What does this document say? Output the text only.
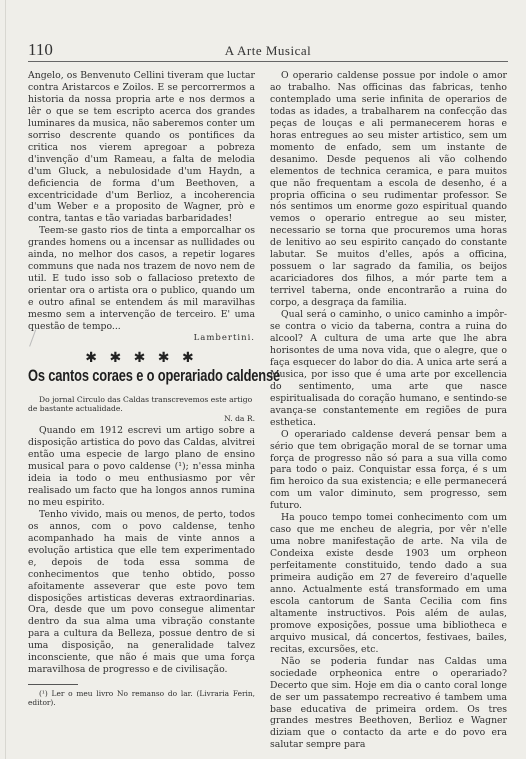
110	A Arte Musical

Angelo, os Benvenuto Cellini tiveram que luctar contra Aristarcos e Zoilos. E se percorrermos a historia da nossa propria arte e nos dermos a lêr o que se tem escripto acerca dos grandes luminares da musica, não saberemos conter um sorriso descrente quando os pontifices da critica nos vierem apregoar a pobreza d'invenção d'um Rameau, a falta de melodia d'um Gluck, a nebulosidade d'um Haydn, a deficiencia de forma d'um Beethoven, a excentricidade d'um Berlioz, a incoherencia d'um Weber e a proposito de Wagner, prò e contra, tantas e tão variadas barbaridades!

Teem-se gasto rios de tinta a emporcalhar os grandes homens ou a incensar as nullidades ou ainda, no melhor dos casos, a repetir logares communs que nada nos trazem de novo nem de util. E tudo isso sob o fallacioso pretexto de orientar ora o artista ora o publico, quando um e outro afinal se entendem ás mil maravilhas mesmo sem a intervenção de terceiro. E' uma questão de tempo...

Lambertini.

✱ ✱ ✱ ✱ ✱
Os cantos coraes e o operariado caldense

Do jornal Circulo das Caldas transcrevemos este artigo de bastante actualidade.

N. da R.

Quando em 1912 escrevi um artigo sobre a disposição artistica do povo das Caldas, alvitrei então uma especie de largo plano de ensino musical para o povo caldense (¹); n'essa minha ideia ia todo o meu enthusiasmo por vêr realisado um facto que ha longos annos rumina no meu espirito.

Tenho vivido, mais ou menos, de perto, todos os annos, com o povo caldense, tenho acompanhado ha mais de vinte annos a evolução artistica que elle tem experimentado e, depois de toda essa somma de conhecimentos que tenho obtido, posso afoitamente asseverar que este povo tem disposições artisticas deveras extraordinarias. Ora, desde que um povo consegue alimentar dentro da sua alma uma vibração constante para a cultura da Belleza, possue dentro de si uma disposição, na generalidade talvez inconsciente, que não é mais que uma força maravilhosa de progresso e de civilisação.

(¹) Ler o meu livro No remanso do lar. (Livraria Ferin, editor).

O operario caldense possue por indole o amor ao trabalho. Nas officinas das fabricas, tenho contemplado uma serie infinita de operarios de todas as idades, a trabalharem na confecção das peças de louças e ali permanecerem horas e horas entregues ao seu mister artistico, sem um momento de enfado, sem um instante de desanimo. Desde pequenos ali vão colhendo elementos de technica ceramica, e para muitos que não frequentam a escola de desenho, é a propria officina o seu rudimentar professor. Se nós sentimos um enorme gozo espiritual quando vemos o operario entregue ao seu mister, necessario se torna que procuremos uma horas de lenitivo ao seu espirito cançado do constante labutar. Se muitos d'elles, após a officina, possuem o lar sagrado da familia, os beijos acariciadores dos filhos, a mór parte tem a terrivel taberna, onde encontrarão a ruina do corpo, a desgraça da familia.

Qual será o caminho, o unico caminho a impôr-se contra o vicio da taberna, contra a ruina do alcool? A cultura de uma arte que lhe abra horisontes de uma nova vida, que o alegre, que o faça esquecer do labor do dia. A unica arte será a Musica, por isso que é uma arte por excellencia do sentimento, uma arte que nasce espiritualisada do coração humano, e sentindo-se avança-se constantemente em regiões de pura esthetica.

O operariado caldense deverá pensar bem a sério que tem obrigação moral de se tornar uma força de progresso não só para a sua villa como para todo o paiz. Conquistar essa força, é s um fim heroico da sua existencia; e elle permanecerá com um valor diminuto, sem progresso, sem futuro.

Ha pouco tempo tomei conhecimento com um caso que me encheu de alegria, por vêr n'elle uma nobre manifestação de arte. Na vila de Condeixa existe desde 1903 um orpheon perfeitamente constituido, tendo dado a sua primeira audição em 27 de fevereiro d'aquelle anno. Actualmente está transformado em uma escola cantorum de Santa Cecilia com fins altamente instructivos. Pois além de aulas, promove exposições, possue uma bibliotheca e arquivo musical, dá concertos, festivaes, bailes, recitas, excursões, etc.

Não se poderia fundar nas Caldas uma sociedade orpheonica entre o operariado? Decerto que sim. Hoje em dia o canto coral longe de ser um passatempo recreativo é tambem uma base educativa de primeira ordem. Os tres grandes mestres Beethoven, Berlioz e Wagner diziam que o contacto da arte e do povo era salutar sempre para
